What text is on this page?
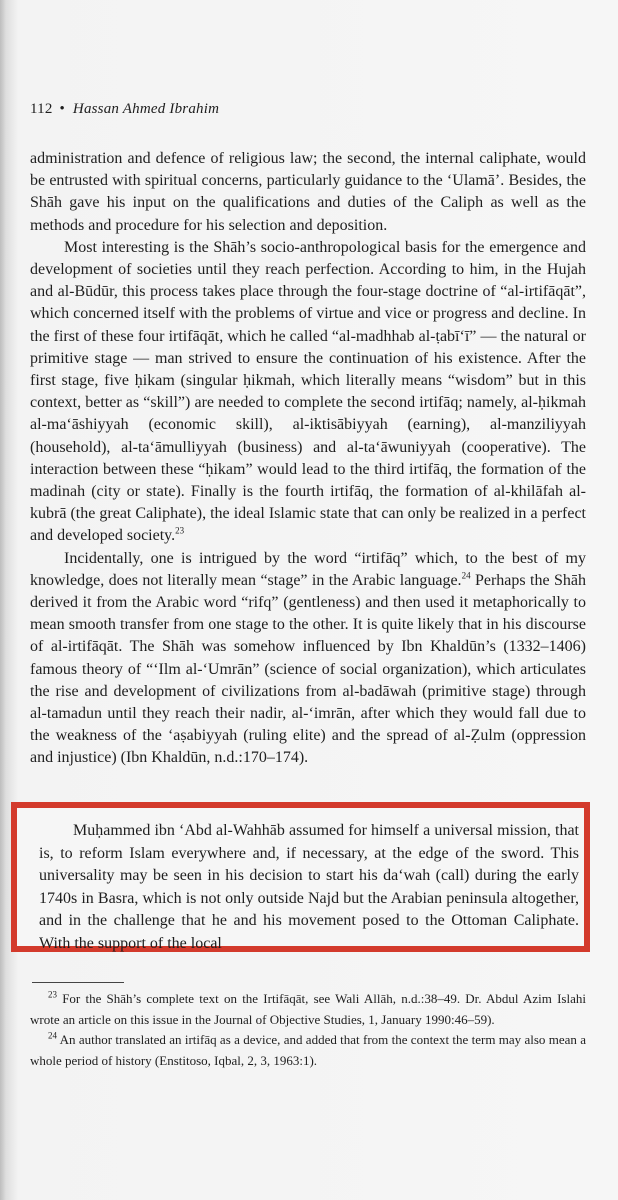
112 • Hassan Ahmed Ibrahim

administration and defence of religious law; the second, the internal caliphate, would be entrusted with spiritual concerns, particularly guidance to the ‘Ulamā’. Besides, the Shāh gave his input on the qualifications and duties of the Caliph as well as the methods and procedure for his selection and deposition.

Most interesting is the Shāh’s socio-anthropological basis for the emergence and development of societies until they reach perfection. According to him, in the Hujah and al-Būdūr, this process takes place through the four-stage doctrine of “al-irtifāqāt”, which concerned itself with the problems of virtue and vice or progress and decline. In the first of these four irtifāqāt, which he called “al-madhhab al-ṭabī‘ī” — the natural or primitive stage — man strived to ensure the continuation of his existence. After the first stage, five ḥikam (singular ḥikmah, which literally means “wisdom” but in this context, better as “skill”) are needed to complete the second irtifāq; namely, al-ḥikmah al-ma‘āshiyyah (economic skill), al-iktisābiyyah (earning), al-manziliyyah (household), al-ta‘āmulliyyah (business) and al-ta‘āwuniyyah (cooperative). The interaction between these “ḥikam” would lead to the third irtifāq, the formation of the madinah (city or state). Finally is the fourth irtifāq, the formation of al-khilāfah al-kubrā (the great Caliphate), the ideal Islamic state that can only be realized in a perfect and developed society.$^{23}$

Incidentally, one is intrigued by the word “irtifāq” which, to the best of my knowledge, does not literally mean “stage” in the Arabic language.$^{24}$ Perhaps the Shāh derived it from the Arabic word “rifq” (gentleness) and then used it metaphorically to mean smooth transfer from one stage to the other. It is quite likely that in his discourse of al-irtifāqāt. The Shāh was somehow influenced by Ibn Khaldūn’s (1332–1406) famous theory of “‘Ilm al-‘Umrān” (science of social organization), which articulates the rise and development of civilizations from al-badāwah (primitive stage) through al-tamadun until they reach their nadir, al-‘imrān, after which they would fall due to the weakness of the ‘aṣabiyyah (ruling elite) and the spread of al-Ẓulm (oppression and injustice) (Ibn Khaldūn, n.d.:170–174).

Muḥammed ibn ‘Abd al-Wahhāb assumed for himself a universal mission, that is, to reform Islam everywhere and, if necessary, at the edge of the sword. This universality may be seen in his decision to start his da‘wah (call) during the early 1740s in Basra, which is not only outside Najd but the Arabian peninsula altogether, and in the challenge that he and his movement posed to the Ottoman Caliphate. With the support of the local

$^{23}$ For the Shāh’s complete text on the Irtifāqāt, see Wali Allāh, n.d.:38–49. Dr. Abdul Azim Islahi wrote an article on this issue in the Journal of Objective Studies, 1, January 1990:46–59).

$^{24}$ An author translated an irtifāq as a device, and added that from the context the term may also mean a whole period of history (Enstitoso, Iqbal, 2, 3, 1963:1).
